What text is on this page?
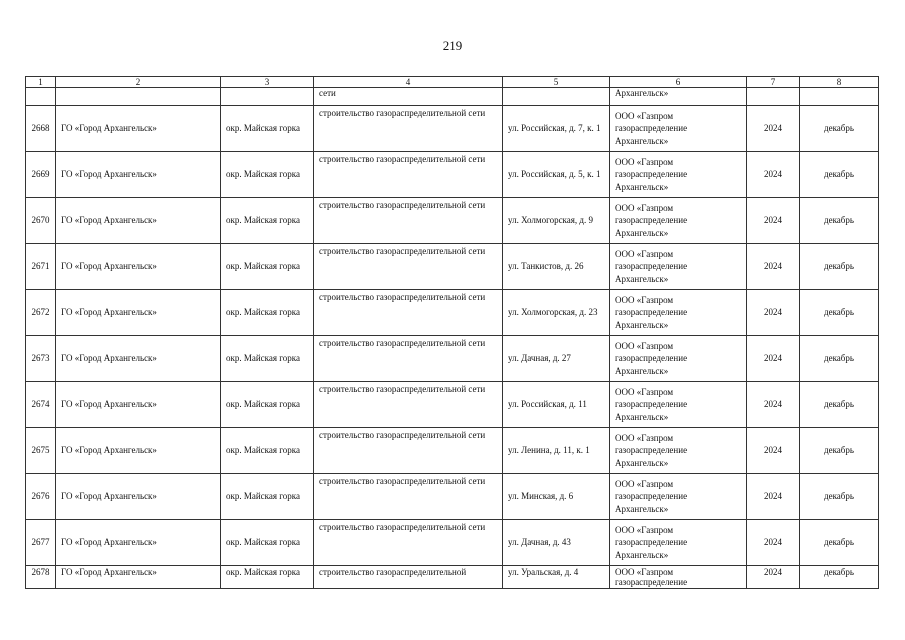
219
1	2	3	4	5	6	7	8
			сети		Архангельск»		
2668	ГО «Город Архангельск»	окр. Майская горка	строительство газораспределительной сети	ул. Российская, д. 7, к. 1	ООО «Газпром газораспределение Архангельск»	2024	декабрь
2669	ГО «Город Архангельск»	окр. Майская горка	строительство газораспределительной сети	ул. Российская, д. 5, к. 1	ООО «Газпром газораспределение Архангельск»	2024	декабрь
2670	ГО «Город Архангельск»	окр. Майская горка	строительство газораспределительной сети	ул. Холмогорская, д. 9	ООО «Газпром газораспределение Архангельск»	2024	декабрь
2671	ГО «Город Архангельск»	окр. Майская горка	строительство газораспределительной сети	ул. Танкистов, д. 26	ООО «Газпром газораспределение Архангельск»	2024	декабрь
2672	ГО «Город Архангельск»	окр. Майская горка	строительство газораспределительной сети	ул. Холмогорская, д. 23	ООО «Газпром газораспределение Архангельск»	2024	декабрь
2673	ГО «Город Архангельск»	окр. Майская горка	строительство газораспределительной сети	ул. Дачная, д. 27	ООО «Газпром газораспределение Архангельск»	2024	декабрь
2674	ГО «Город Архангельск»	окр. Майская горка	строительство газораспределительной сети	ул. Российская, д. 11	ООО «Газпром газораспределение Архангельск»	2024	декабрь
2675	ГО «Город Архангельск»	окр. Майская горка	строительство газораспределительной сети	ул. Ленина, д. 11, к. 1	ООО «Газпром газораспределение Архангельск»	2024	декабрь
2676	ГО «Город Архангельск»	окр. Майская горка	строительство газораспределительной сети	ул. Минская, д. 6	ООО «Газпром газораспределение Архангельск»	2024	декабрь
2677	ГО «Город Архангельск»	окр. Майская горка	строительство газораспределительной сети	ул. Дачная, д. 43	ООО «Газпром газораспределение Архангельск»	2024	декабрь
2678	ГО «Город Архангельск»	окр. Майская горка	строительство газораспределительной	ул. Уральская, д. 4	ООО «Газпром газораспределение	2024	декабрь
